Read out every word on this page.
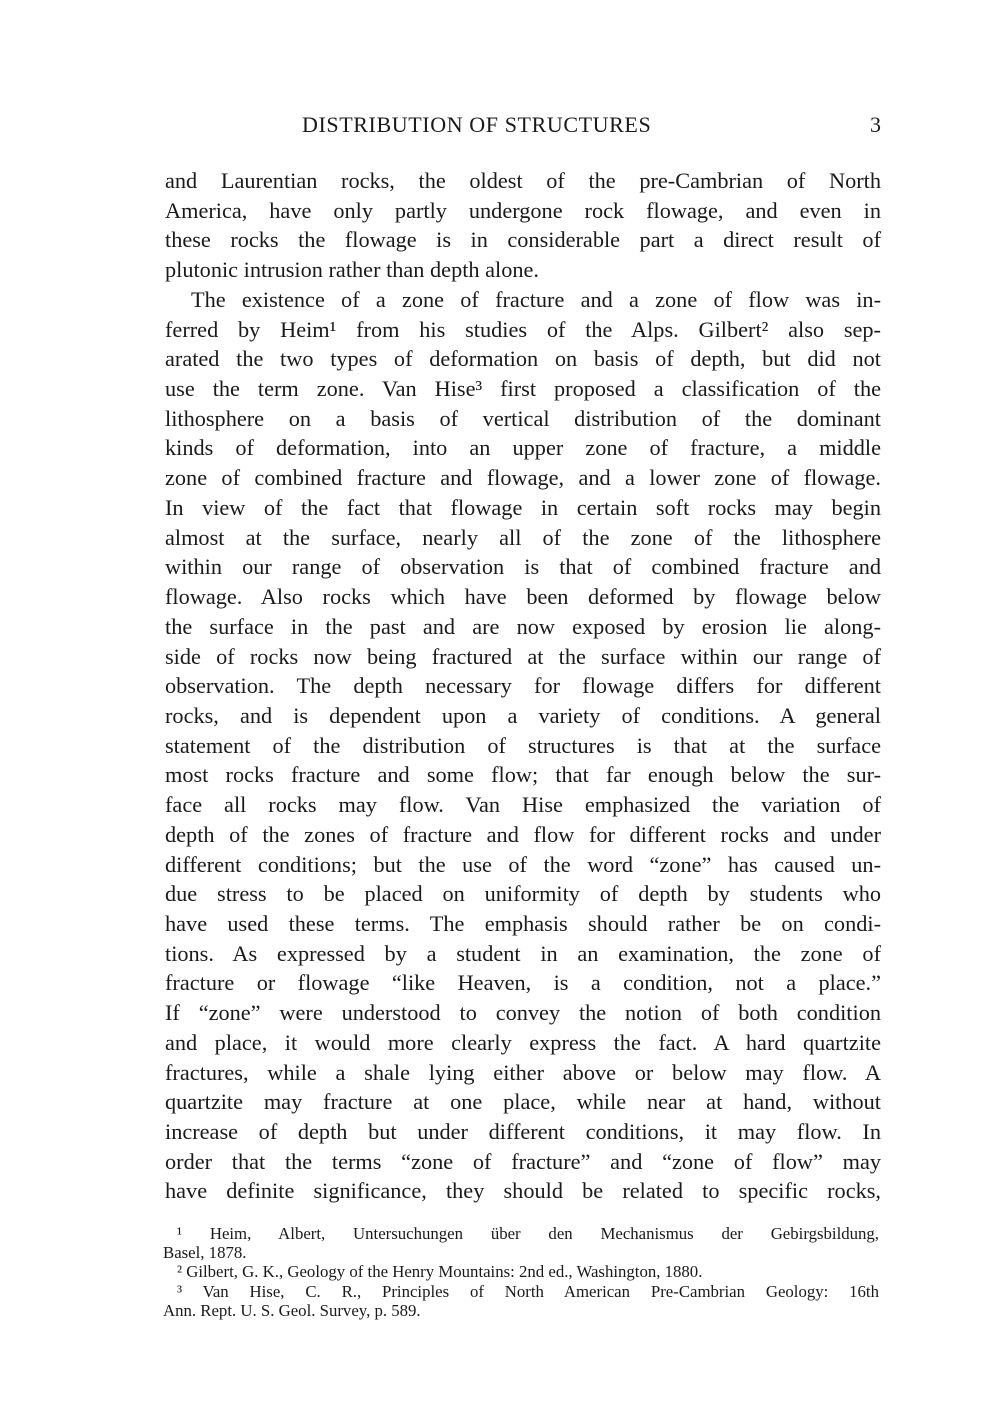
DISTRIBUTION OF STRUCTURES	3
and Laurentian rocks, the oldest of the pre-Cambrian of North
America, have only partly undergone rock flowage, and even in
these rocks the flowage is in considerable part a direct result of
plutonic intrusion rather than depth alone.
The existence of a zone of fracture and a zone of flow was in-
ferred by Heim¹ from his studies of the Alps. Gilbert² also sep-
arated the two types of deformation on basis of depth, but did not
use the term zone. Van Hise³ first proposed a classification of the
lithosphere on a basis of vertical distribution of the dominant
kinds of deformation, into an upper zone of fracture, a middle
zone of combined fracture and flowage, and a lower zone of flowage.
In view of the fact that flowage in certain soft rocks may begin
almost at the surface, nearly all of the zone of the lithosphere
within our range of observation is that of combined fracture and
flowage. Also rocks which have been deformed by flowage below
the surface in the past and are now exposed by erosion lie along-
side of rocks now being fractured at the surface within our range of
observation. The depth necessary for flowage differs for different
rocks, and is dependent upon a variety of conditions. A general
statement of the distribution of structures is that at the surface
most rocks fracture and some flow; that far enough below the sur-
face all rocks may flow. Van Hise emphasized the variation of
depth of the zones of fracture and flow for different rocks and under
different conditions; but the use of the word “zone” has caused un-
due stress to be placed on uniformity of depth by students who
have used these terms. The emphasis should rather be on condi-
tions. As expressed by a student in an examination, the zone of
fracture or flowage “like Heaven, is a condition, not a place.”
If “zone” were understood to convey the notion of both condition
and place, it would more clearly express the fact. A hard quartzite
fractures, while a shale lying either above or below may flow. A
quartzite may fracture at one place, while near at hand, without
increase of depth but under different conditions, it may flow. In
order that the terms “zone of fracture” and “zone of flow” may
have definite significance, they should be related to specific rocks,
¹ Heim, Albert, Untersuchungen über den Mechanismus der Gebirgsbildung,
Basel, 1878.
² Gilbert, G. K., Geology of the Henry Mountains: 2nd ed., Washington, 1880.
³ Van Hise, C. R., Principles of North American Pre-Cambrian Geology: 16th
Ann. Rept. U. S. Geol. Survey, p. 589.
